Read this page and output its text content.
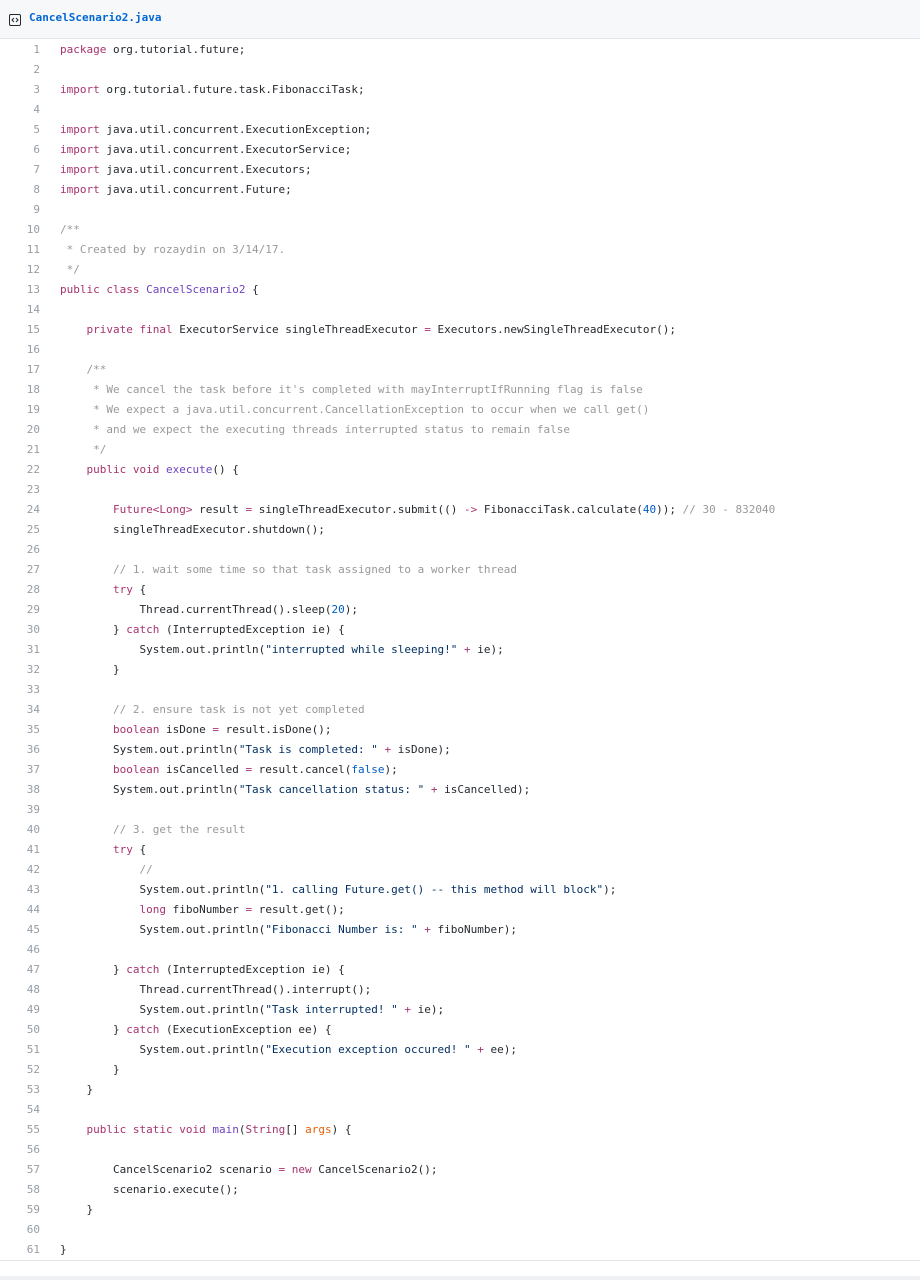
CancelScenario2.java
1 package org.tutorial.future;
2
3 import org.tutorial.future.task.FibonacciTask;
4
5 import java.util.concurrent.ExecutionException;
6 import java.util.concurrent.ExecutorService;
7 import java.util.concurrent.Executors;
8 import java.util.concurrent.Future;
9
10 /**
11 * Created by rozaydin on 3/14/17.
12 */
13 public class CancelScenario2 {
14
15	private final ExecutorService singleThreadExecutor = Executors.newSingleThreadExecutor();
16
17	/**
18	* We cancel the task before it's completed with mayInterruptIfRunning flag is false
19	* We expect a java.util.concurrent.CancellationException to occur when we call get()
20	* and we expect the executing threads interrupted status to remain false
21	*/
22	public void execute() {
23
24	Future<Long> result = singleThreadExecutor.submit(() -> FibonacciTask.calculate(40)); // 30 - 832040
25 singleThreadExecutor.shutdown();
26
27	// 1. wait some time so that task assigned to a worker thread
28	try {
29 Thread.currentThread().sleep(20);
30 } catch (InterruptedException ie) {
31 System.out.println("interrupted while sleeping!" + ie);
32 }
33
34	// 2. ensure task is not yet completed
35	boolean isDone = result.isDone();
36 System.out.println("Task is completed: " + isDone);
37	boolean isCancelled = result.cancel(false);
38 System.out.println("Task cancellation status: " + isCancelled);
39
40	// 3. get the result
41	try {
42	//
43 System.out.println("1. calling Future.get() -- this method will block");
44	long fiboNumber = result.get();
45 System.out.println("Fibonacci Number is: " + fiboNumber);
46
47 } catch (InterruptedException ie) {
48 Thread.currentThread().interrupt();
49 System.out.println("Task interrupted! " + ie);
50 } catch (ExecutionException ee) {
51 System.out.println("Execution exception occured! " + ee);
52 }
53 }
54
55	public static void main(String[] args) {
56
57 CancelScenario2 scenario = new CancelScenario2();
58 scenario.execute();
59 }
60
61 }
